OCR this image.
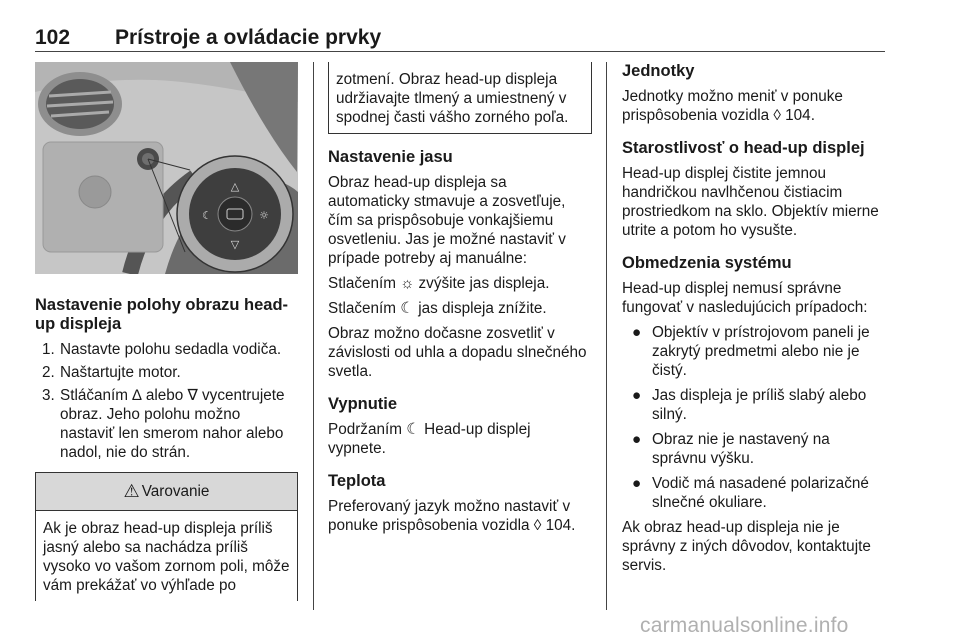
102 Prístroje a ovládacie prvky
△
▽
☾	☼
Nastavenie polohy obrazu head-up displeja
1. Nastavte polohu sedadla vodiča.
2. Naštartujte motor.
3. Stláčaním ∆ alebo ∇ vycentrujete obraz. Jeho polohu možno nastaviť len smerom nahor alebo nadol, nie do strán.
⚠ Varovanie
Ak je obraz head-up displeja príliš jasný alebo sa nachádza príliš vysoko vo vašom zornom poli, môže vám prekážať vo výhľade po
zotmení. Obraz head-up displeja udržiavajte tlmený a umiestnený v spodnej časti vášho zorného poľa.
Nastavenie jasu

Obraz head-up displeja sa automaticky stmavuje a zosvetľuje, čím sa prispôsobuje vonkajšiemu osvetleniu. Jas je možné nastaviť v prípade potreby aj manuálne:

Stlačením ☼ zvýšite jas displeja.

Stlačením ☾ jas displeja znížite.

Obraz možno dočasne zosvetliť v závislosti od uhla a dopadu slnečného svetla.

Vypnutie

Podržaním ☾ Head-up displej vypnete.

Teplota

Preferovaný jazyk možno nastaviť v ponuke prispôsobenia vozidla ◊ 104.

Jednotky

Jednotky možno meniť v ponuke prispôsobenia vozidla ◊ 104.

Starostlivosť o head-up displej

Head-up displej čistite jemnou handričkou navlhčenou čistiacim prostriedkom na sklo. Objektív mierne utrite a potom ho vysušte.

Obmedzenia systému

Head-up displej nemusí správne fungovať v nasledujúcich prípadoch:

● Objektív v prístrojovom paneli je zakrytý predmetmi alebo nie je čistý.
● Jas displeja je príliš slabý alebo silný.
● Obraz nie je nastavený na správnu výšku.
● Vodič má nasadené polarizačné slnečné okuliare.

Ak obraz head-up displeja nie je správny z iných dôvodov, kontaktujte servis.

carmanualsonline.info
